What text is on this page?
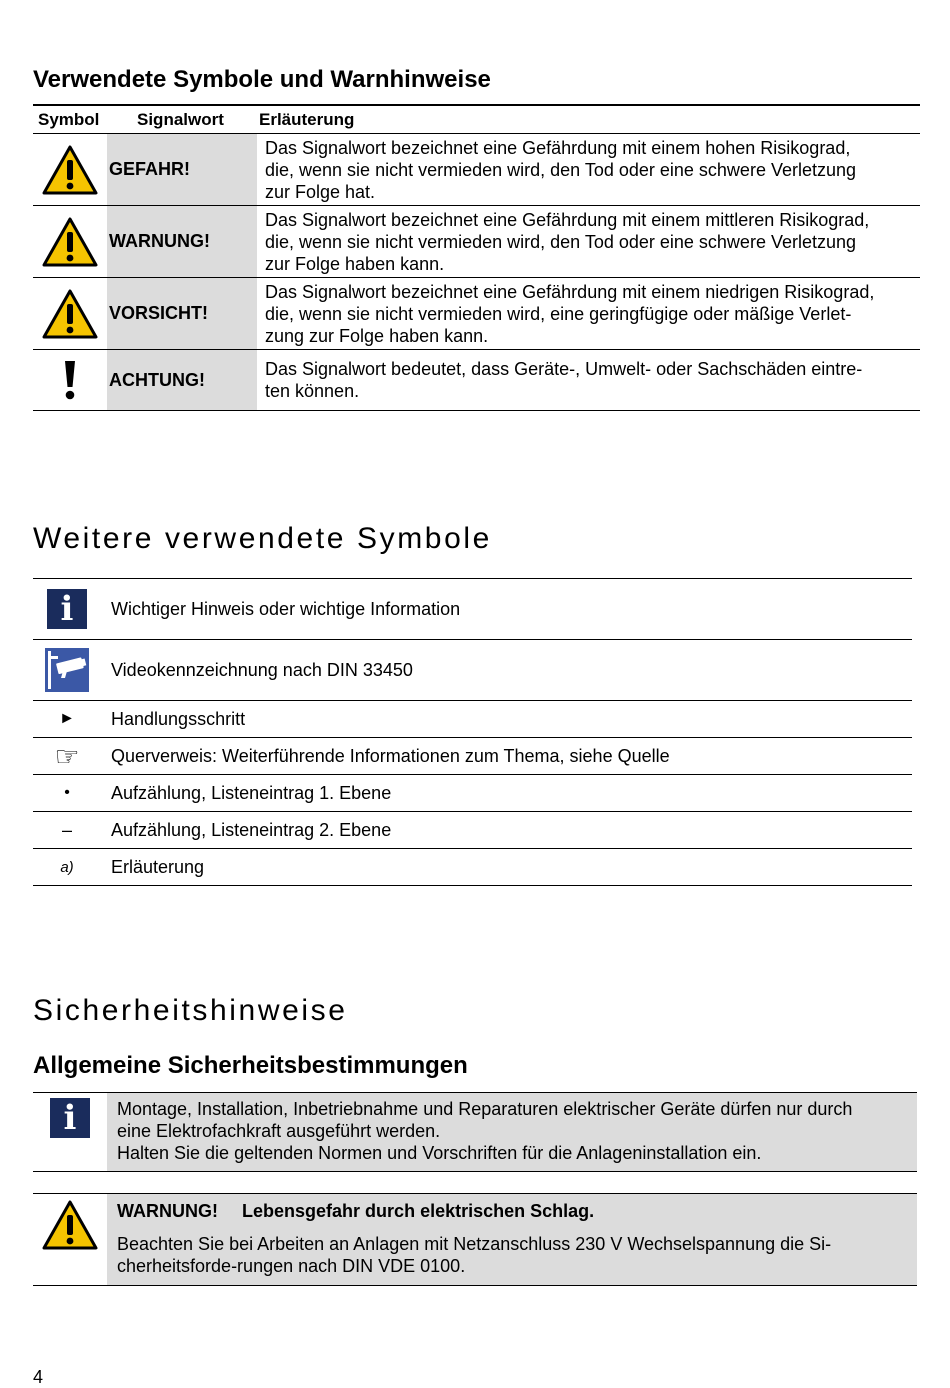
Verwendete Symbole und Warnhinweise
Symbol Signalwort Erläuterung
GEFAHR!
Das Signalwort bezeichnet eine Gefährdung mit einem hohen Risikograd,
die, wenn sie nicht vermieden wird, den Tod oder eine schwere Verletzung
zur Folge hat.
WARNUNG!
Das Signalwort bezeichnet eine Gefährdung mit einem mittleren Risikograd,
die, wenn sie nicht vermieden wird, den Tod oder eine schwere Verletzung
zur Folge haben kann.
VORSICHT!
Das Signalwort bezeichnet eine Gefährdung mit einem niedrigen Risikograd,
die, wenn sie nicht vermieden wird, eine geringfügige oder mäßige Verlet-
zung zur Folge haben kann.
ACHTUNG!
Das Signalwort bedeutet, dass Geräte-, Umwelt- oder Sachschäden eintre-
ten können.
Weitere verwendete Symbole
i	Wichtiger Hinweis oder wichtige Information
Videokennzeichnung nach DIN 33450
►	Handlungsschritt
☞	Querverweis: Weiterführende Informationen zum Thema, siehe Quelle
•	Aufzählung, Listeneintrag 1. Ebene
–	Aufzählung, Listeneintrag 2. Ebene
a)	Erläuterung
Sicherheitshinweise
Allgemeine Sicherheitsbestimmungen
i	Montage, Installation, Inbetriebnahme und Reparaturen elektrischer Geräte dürfen nur durch

eine Elektrofachkraft ausgeführt werden.

Halten Sie die geltenden Normen und Vorschriften für die Anlageninstallation ein.

WARNUNG! Lebensgefahr durch elektrischen Schlag.

Beachten Sie bei Arbeiten an Anlagen mit Netzanschluss 230 V Wechselspannung die Si-

cherheitsforde-rungen nach DIN VDE 0100.

4
